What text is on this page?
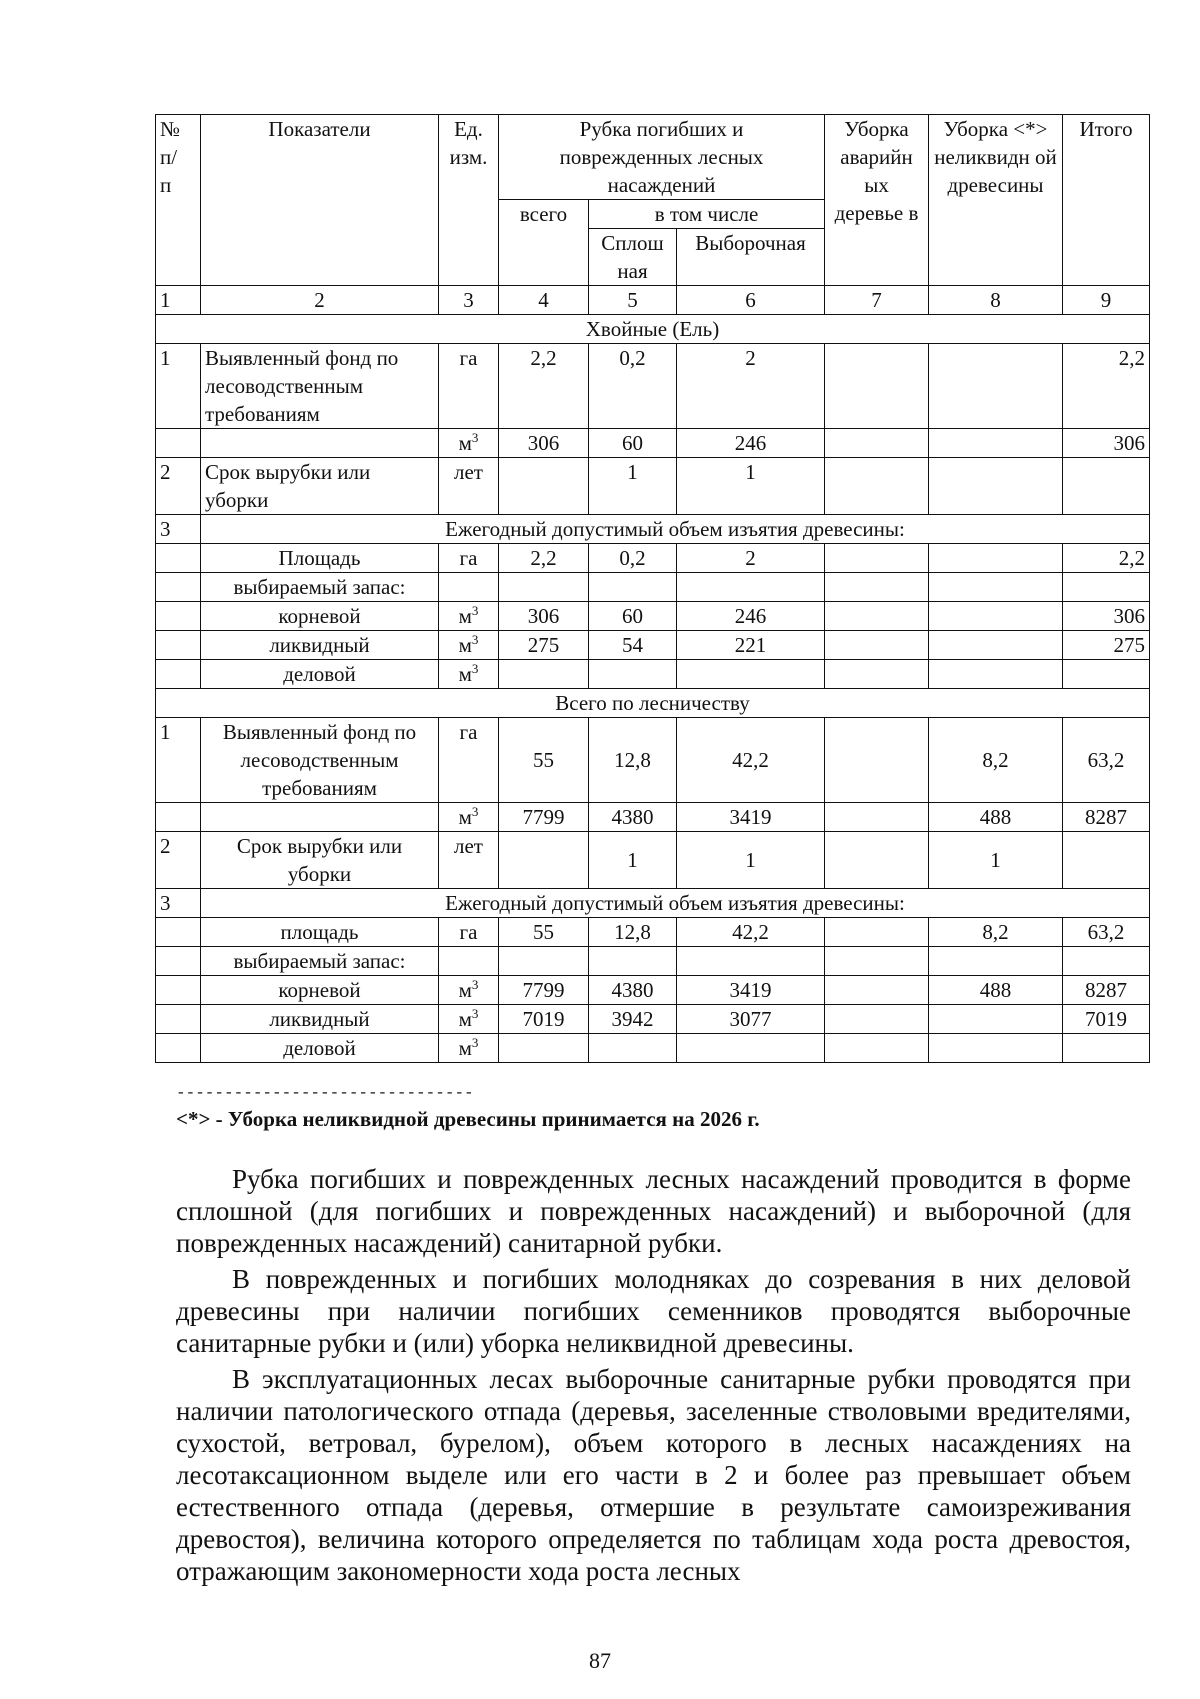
№ п/ п	Показатели	Ед. изм.	Рубка погибших и поврежденных лесных насаждений			Уборка аварийн ых деревье в	Уборка <*> неликвидн ой древесины	Итого
			всего	в том числе				
				Сплош ная	Выборочная			
1	2	3	4	5	6	7	8	9
Хвойные (Ель)								
1	Выявленный фонд по лесоводственным требованиям	га	2,2	0,2	2			2,2
		$м^3$	306	60	246			306
2	Срок вырубки или уборки	лет		1	1			
3	Ежегодный допустимый объем изъятия древесины:							
	Площадь	га	2,2	0,2	2			2,2
	выбираемый запас:							
	корневой	$м^3$	306	60	246			306
	ликвидный	$м^3$	275	54	221			275
	деловой	$м^3$						
Всего по лесничеству								
1	Выявленный фонд по лесоводственным требованиям	га	55	12,8	42,2		8,2	63,2
		$м^3$	7799	4380	3419		488	8287
2	Срок вырубки или уборки	лет		1	1		1	
3	Ежегодный допустимый объем изъятия древесины:							
	площадь	га	55	12,8	42,2		8,2	63,2
	выбираемый запас:							
	корневой	$м^3$	7799	4380	3419		488	8287
	ликвидный	$м^3$	7019	3942	3077			7019
	деловой	$м^3$						
-------------------------------
<*> - Уборка неликвидной древесины принимается на 2026 г.

Рубка погибших и поврежденных лесных насаждений проводится в форме сплошной (для погибших и поврежденных насаждений) и выборочной (для поврежденных насаждений) санитарной рубки.

В поврежденных и погибших молодняках до созревания в них деловой древесины при наличии погибших семенников проводятся выборочные санитарные рубки и (или) уборка неликвидной древесины.

В эксплуатационных лесах выборочные санитарные рубки проводятся при наличии патологического отпада (деревья, заселенные стволовыми вредителями, сухостой, ветровал, бурелом), объем которого в лесных насаждениях на лесотаксационном выделе или его части в 2 и более раз превышает объем естественного отпада (деревья, отмершие в результате самоизреживания древостоя), величина которого определяется по таблицам хода роста древостоя, отражающим закономерности хода роста лесных

87
